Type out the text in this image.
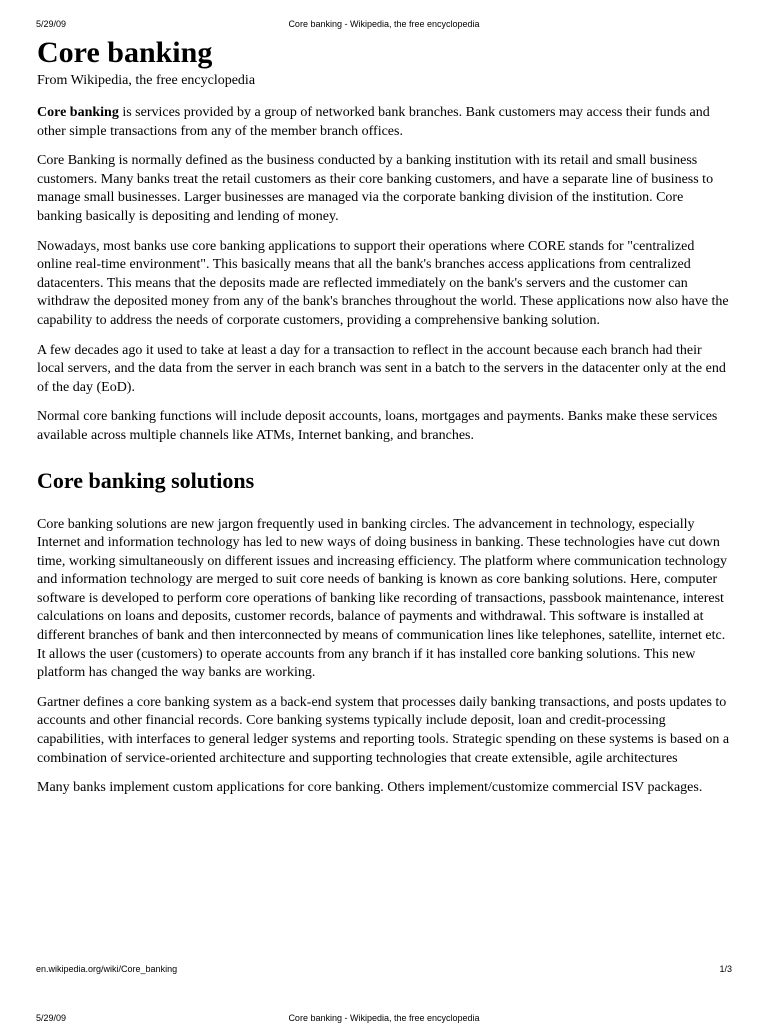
5/29/09	Core banking - Wikipedia, the free encyclopedia
Core banking
From Wikipedia, the free encyclopedia

Core banking is services provided by a group of networked bank branches. Bank customers may access their funds and other simple transactions from any of the member branch offices.

Core Banking is normally defined as the business conducted by a banking institution with its retail and small business customers. Many banks treat the retail customers as their core banking customers, and have a separate line of business to manage small businesses. Larger businesses are managed via the corporate banking division of the institution. Core banking basically is depositing and lending of money.

Nowadays, most banks use core banking applications to support their operations where CORE stands for "centralized online real-time environment". This basically means that all the bank's branches access applications from centralized datacenters. This means that the deposits made are reflected immediately on the bank's servers and the customer can withdraw the deposited money from any of the bank's branches throughout the world. These applications now also have the capability to address the needs of corporate customers, providing a comprehensive banking solution.

A few decades ago it used to take at least a day for a transaction to reflect in the account because each branch had their local servers, and the data from the server in each branch was sent in a batch to the servers in the datacenter only at the end of the day (EoD).

Normal core banking functions will include deposit accounts, loans, mortgages and payments. Banks make these services available across multiple channels like ATMs, Internet banking, and branches.

Core banking solutions

Core banking solutions are new jargon frequently used in banking circles. The advancement in technology, especially Internet and information technology has led to new ways of doing business in banking. These technologies have cut down time, working simultaneously on different issues and increasing efficiency. The platform where communication technology and information technology are merged to suit core needs of banking is known as core banking solutions. Here, computer software is developed to perform core operations of banking like recording of transactions, passbook maintenance, interest calculations on loans and deposits, customer records, balance of payments and withdrawal. This software is installed at different branches of bank and then interconnected by means of communication lines like telephones, satellite, internet etc. It allows the user (customers) to operate accounts from any branch if it has installed core banking solutions. This new platform has changed the way banks are working.

Gartner defines a core banking system as a back-end system that processes daily banking transactions, and posts updates to accounts and other financial records. Core banking systems typically include deposit, loan and credit-processing capabilities, with interfaces to general ledger systems and reporting tools. Strategic spending on these systems is based on a combination of service-oriented architecture and supporting technologies that create extensible, agile architectures

Many banks implement custom applications for core banking. Others implement/customize commercial ISV packages.

en.wikipedia.org/wiki/Core_banking	1/3
5/29/09	Core banking - Wikipedia, the free encyclopedia
